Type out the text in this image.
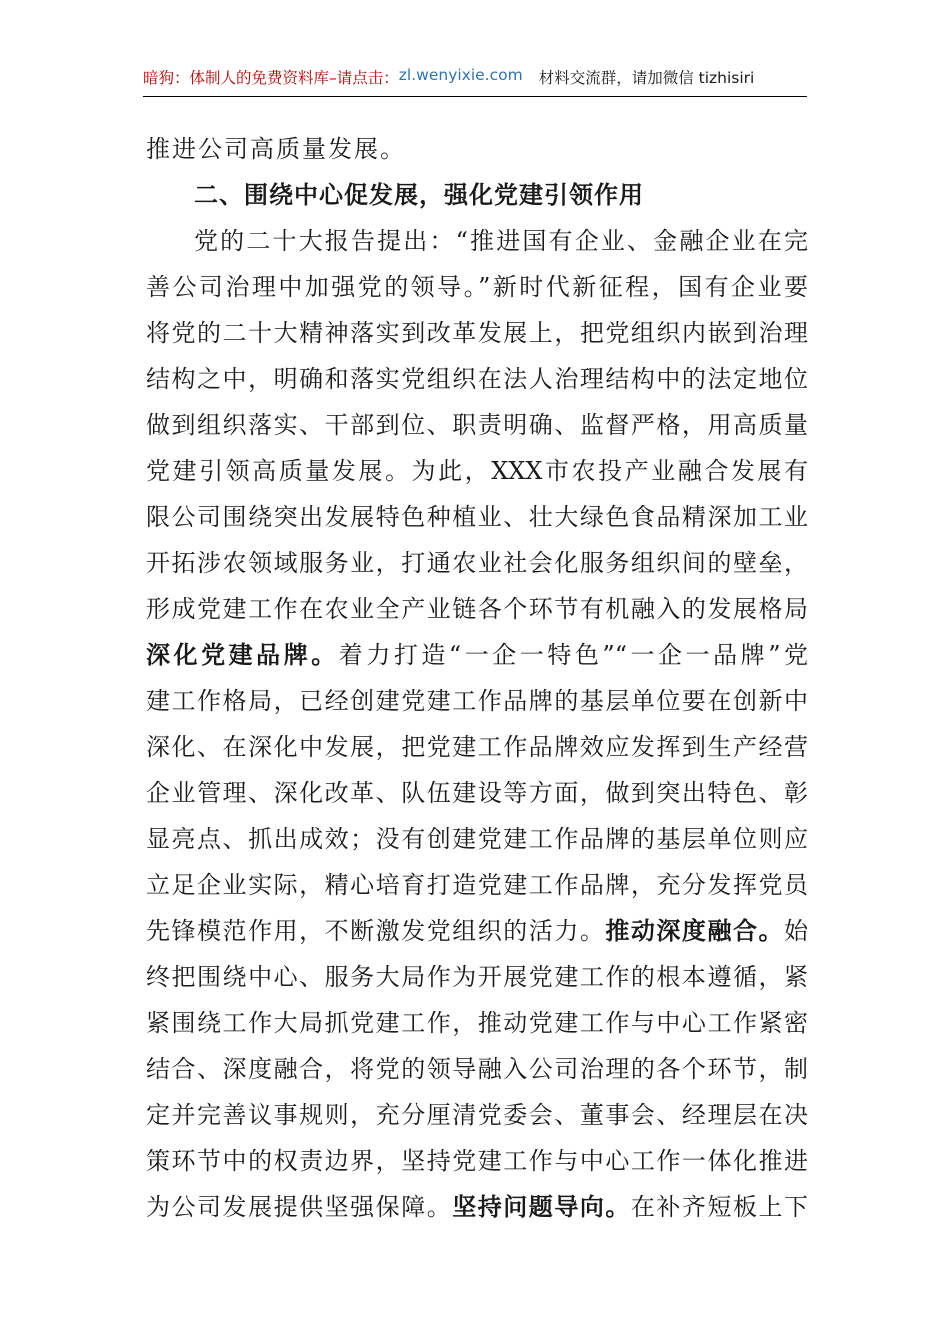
暗狗：体制人的免费资料库 –请点击： zl.wenyixie.com 材料交流群，请加微信 tizhisiri
推进公司高质量发展。
二、围绕中心促发展，强化党建引领作用
党的二十大报告提出：“推进国有企业、金融企业在完
善公司治理中加强党的领导。”新时代新征程，国有企业要
将党的二十大精神落实到改革发展上，把党组织内嵌到治理
结构之中，明确和落实党组织在法人治理结构中的法定地位
做到组织落实、干部到位、职责明确、监督严格，用高质量
党建引领高质量发展。为此，XXX市农投产业融合发展有
限公司围绕突出发展特色种植业、壮大绿色食品精深加工业
开拓涉农领域服务业，打通农业社会化服务组织间的壁垒，
形成党建工作在农业全产业链各个环节有机融入的发展格局
深化党建品牌。着力打造“一企一特色”“一企一品牌”党
建工作格局，已经创建党建工作品牌的基层单位要在创新中
深化、在深化中发展，把党建工作品牌效应发挥到生产经营
企业管理、深化改革、队伍建设等方面，做到突出特色、彰
显亮点、抓出成效；没有创建党建工作品牌的基层单位则应
立足企业实际，精心培育打造党建工作品牌，充分发挥党员
先锋模范作用，不断激发党组织的活力。推动深度融合。始
终把围绕中心、服务大局作为开展党建工作的根本遵循，紧
紧围绕工作大局抓党建工作，推动党建工作与中心工作紧密
结合、深度融合，将党的领导融入公司治理的各个环节，制
定并完善议事规则，充分厘清党委会、董事会、经理层在决
策环节中的权责边界，坚持党建工作与中心工作一体化推进
为公司发展提供坚强保障。坚持问题导向。在补齐短板上下
